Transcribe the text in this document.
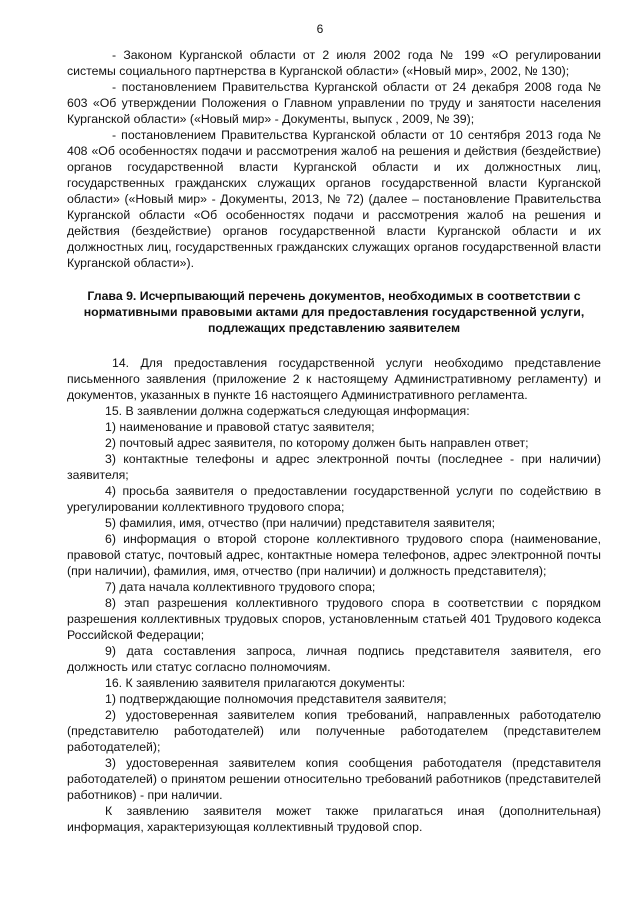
6

- Законом Курганской области от 2 июля 2002 года № 199 «О регулировании системы социального партнерства в Курганской области» («Новый мир», 2002, № 130);

- постановлением Правительства Курганской области от 24 декабря 2008 года № 603 «Об утверждении Положения о Главном управлении по труду и занятости населения Курганской области» («Новый мир» - Документы, выпуск , 2009, № 39);

- постановлением Правительства Курганской области от 10 сентября 2013 года № 408 «Об особенностях подачи и рассмотрения жалоб на решения и действия (бездействие) органов государственной власти Курганской области и их должностных лиц, государственных гражданских служащих органов государственной власти Курганской области» («Новый мир» - Документы, 2013, № 72) (далее – постановление Правительства Курганской области «Об особенностях подачи и рассмотрения жалоб на решения и действия (бездействие) органов государственной власти Курганской области и их должностных лиц, государственных гражданских служащих органов государственной власти Курганской области»).

Глава 9. Исчерпывающий перечень документов, необходимых в соответствии с нормативными правовыми актами для предоставления государственной услуги, подлежащих представлению заявителем

14. Для предоставления государственной услуги необходимо представление письменного заявления (приложение 2 к настоящему Административному регламенту) и документов, указанных в пункте 16 настоящего Административного регламента.

15. В заявлении должна содержаться следующая информация:

1) наименование и правовой статус заявителя;

2) почтовый адрес заявителя, по которому должен быть направлен ответ;

3) контактные телефоны и адрес электронной почты (последнее - при наличии) заявителя;

4) просьба заявителя о предоставлении государственной услуги по содействию в урегулировании коллективного трудового спора;

5) фамилия, имя, отчество (при наличии) представителя заявителя;

6) информация о второй стороне коллективного трудового спора (наименование, правовой статус, почтовый адрес, контактные номера телефонов, адрес электронной почты (при наличии), фамилия, имя, отчество (при наличии) и должность представителя);

7) дата начала коллективного трудового спора;

8) этап разрешения коллективного трудового спора в соответствии с порядком разрешения коллективных трудовых споров, установленным статьей 401 Трудового кодекса Российской Федерации;

9) дата составления запроса, личная подпись представителя заявителя, его должность или статус согласно полномочиям.

16. К заявлению заявителя прилагаются документы:

1) подтверждающие полномочия представителя заявителя;

2) удостоверенная заявителем копия требований, направленных работодателю (представителю работодателей) или полученные работодателем (представителем работодателей);

3) удостоверенная заявителем копия сообщения работодателя (представителя работодателей) о принятом решении относительно требований работников (представителей работников) - при наличии.

К заявлению заявителя может также прилагаться иная (дополнительная) информация, характеризующая коллективный трудовой спор.
